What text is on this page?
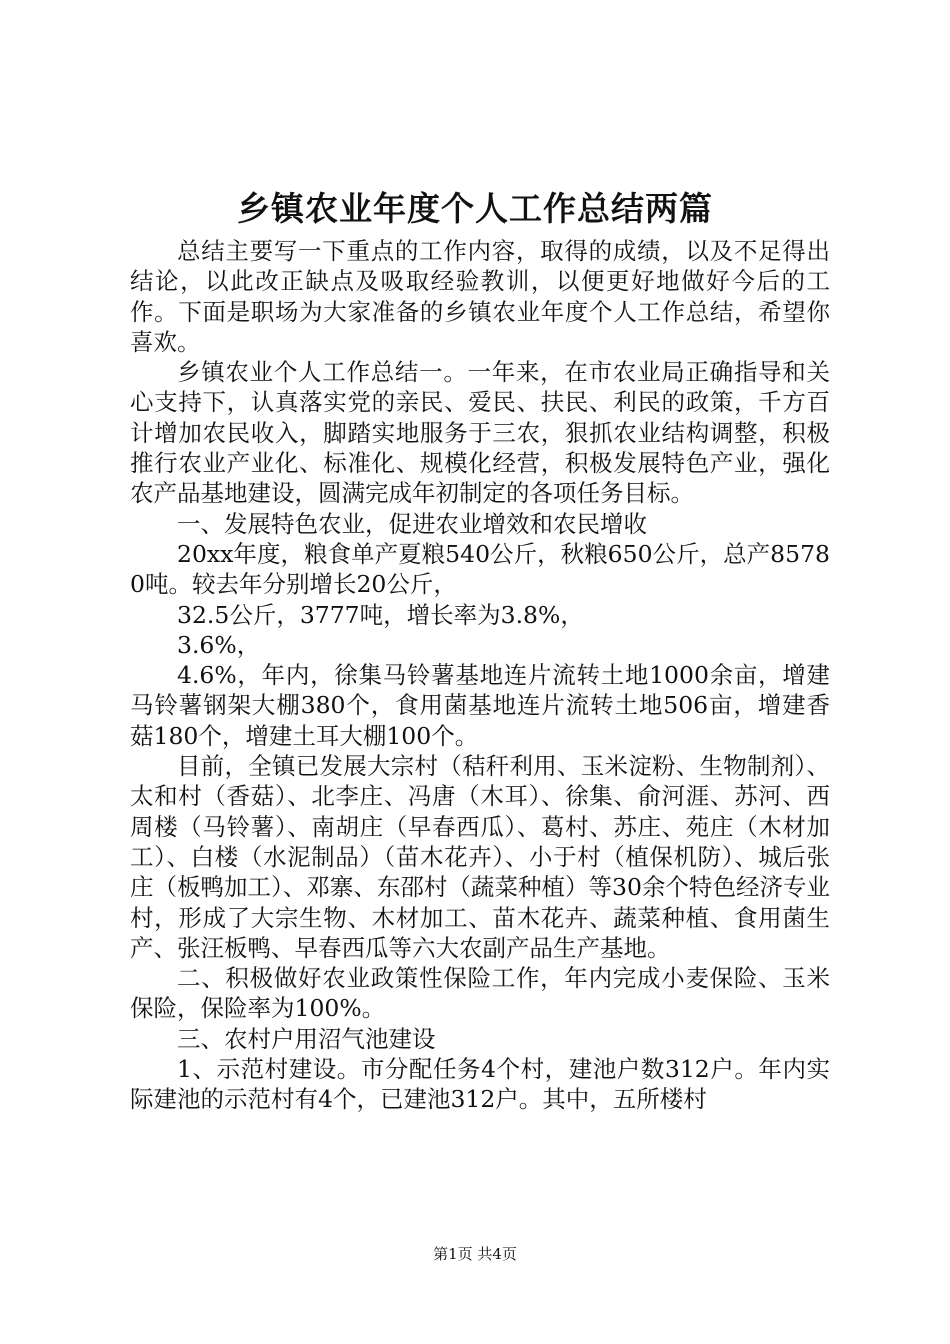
乡镇农业年度个人工作总结两篇

总结主要写一下重点的工作内容，取得的成绩，以及不足得出结论，以此改正缺点及吸取经验教训，以便更好地做好今后的工作。下面是职场为大家准备的乡镇农业年度个人工作总结，希望你喜欢。

乡镇农业个人工作总结一。一年来，在市农业局正确指导和关心支持下，认真落实党的亲民、爱民、扶民、利民的政策，千方百计增加农民收入，脚踏实地服务于三农，狠抓农业结构调整，积极推行农业产业化、标准化、规模化经营，积极发展特色产业，强化农产品基地建设，圆满完成年初制定的各项任务目标。

一、发展特色农业，促进农业增效和农民增收

20xx年度，粮食单产夏粮540公斤，秋粮650公斤，总产85780吨。较去年分别增长20公斤，

32.5公斤，3777吨，增长率为3.8%，

3.6%，

4.6%，年内，徐集马铃薯基地连片流转土地1000余亩，增建马铃薯钢架大棚380个，食用菌基地连片流转土地506亩，增建香菇180个，增建土耳大棚100个。

目前，全镇已发展大宗村（秸秆利用、玉米淀粉、生物制剂）、太和村（香菇）、北李庄、冯唐（木耳）、徐集、俞河涯、苏河、西周楼（马铃薯）、南胡庄（早春西瓜）、葛村、苏庄、苑庄（木材加工）、白楼（水泥制品）（苗木花卉）、小于村（植保机防）、城后张庄（板鸭加工）、邓寨、东邵村（蔬菜种植）等30余个特色经济专业村，形成了大宗生物、木材加工、苗木花卉、蔬菜种植、食用菌生产、张汪板鸭、早春西瓜等六大农副产品生产基地。

二、积极做好农业政策性保险工作，年内完成小麦保险、玉米保险，保险率为100%。

三、农村户用沼气池建设

1、示范村建设。市分配任务4个村，建池户数312户。年内实际建池的示范村有4个，已建池312户。其中，五所楼村

第1页 共4页
